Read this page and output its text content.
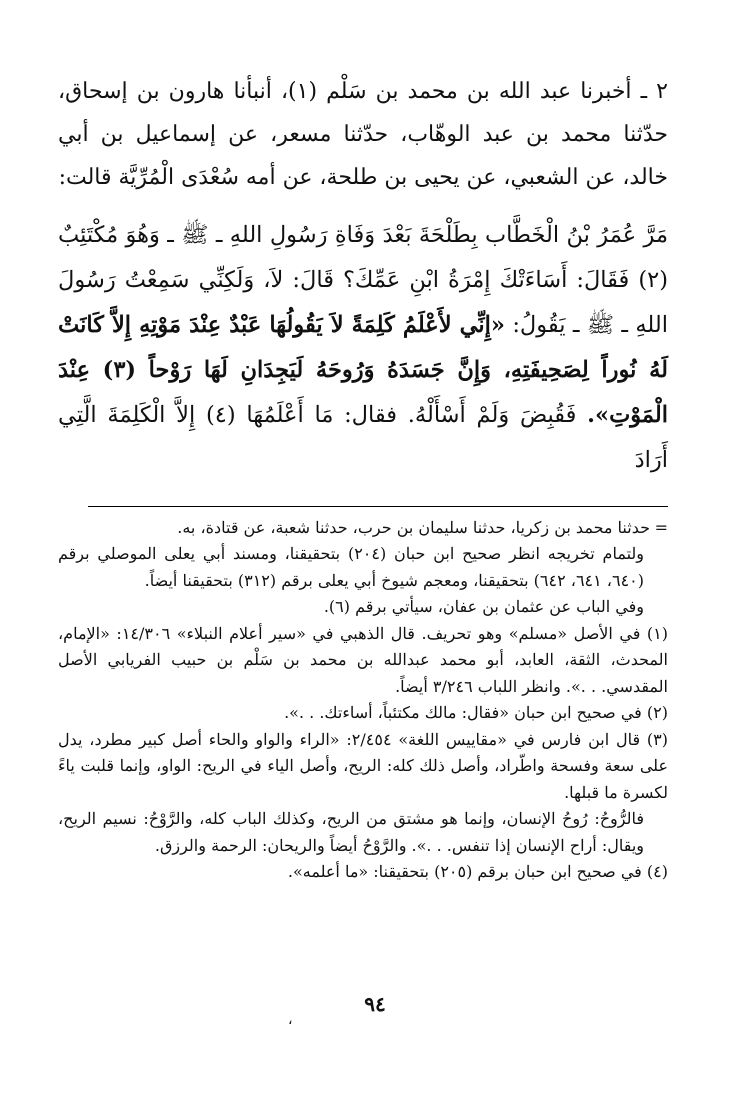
٢ ـ أخبرنا عبد الله بن محمد بن سَلْم (١)، أنبأنا هارون بن إسحاق، حدّثنا محمد بن عبد الوهّاب، حدّثنا مسعر، عن إسماعيل بن أبي خالد، عن الشعبي، عن يحيى بن طلحة، عن أمه سُعْدَى الْمُرِّيَّة قالت:

مَرَّ عُمَرُ بْنُ الْخَطَّاب بِطَلْحَةَ بَعْدَ وَفَاةِ رَسُولِ اللهِ ـ ﷺ ـ وَهُوَ مُكْتَئِبٌ (٢) فَقَالَ: أَسَاءَتْكَ إِمْرَةُ ابْنِ عَمِّكَ؟ قَالَ: لاَ، وَلَكِنِّي سَمِعْتُ رَسُولَ اللهِ ـ ﷺ ـ يَقُولُ: «إِنِّي لأَعْلَمُ كَلِمَةً لاَ يَقُولُهَا عَبْدٌ عِنْدَ مَوْتِهِ إِلاَّ كَانَتْ لَهُ نُوراً لِصَحِيفَتِهِ، وَإِنَّ جَسَدَهُ وَرُوحَهُ لَيَجِدَانِ لَهَا رَوْحاً (٣) عِنْدَ الْمَوْتِ». فَقُبِضَ وَلَمْ أَسْأَلْهُ. فقال: مَا أَعْلَمُهَا (٤) إِلاَّ الْكَلِمَةَ الَّتِي أَرَادَ

=حدثنا محمد بن زكريا، حدثنا سليمان بن حرب، حدثنا شعبة، عن قتادة، به.

ولتمام تخريجه انظر صحيح ابن حبان (٢٠٤) بتحقيقنا، ومسند أبي يعلى الموصلي برقم (٦٤٠، ٦٤١، ٦٤٢) بتحقيقنا، ومعجم شيوخ أبي يعلى برقم (٣١٢) بتحقيقنا أيضاً.

وفي الباب عن عثمان بن عفان، سيأتي برقم (٦).

(١) في الأصل «مسلم» وهو تحريف. قال الذهبي في «سير أعلام النبلاء» ١٤/٣٠٦: «الإمام، المحدث، الثقة، العابد، أبو محمد عبدالله بن محمد بن سَلْم بن حبيب الفريابي الأصل المقدسي. . .». وانظر اللباب ٣/٢٤٦ أيضاً.

(٢) في صحيح ابن حبان «فقال: مالك مكتئباً، أساءتك. . .».

(٣) قال ابن فارس في «مقاييس اللغة» ٢/٤٥٤: «الراء والواو والحاء أصل كبير مطرد، يدل على سعة وفسحة واطّراد، وأصل ذلك كله: الريح، وأصل الياء في الريح: الواو، وإنما قلبت ياءً لكسرة ما قبلها.

فالرُّوحُ: رُوحُ الإنسان، وإنما هو مشتق من الريح، وكذلك الباب كله، والرَّوْحُ: نسيم الريح، ويقال: أراح الإنسان إذا تنفس. . .». والرَّوْحُ أيضاً والريحان: الرحمة والرزق.

(٤) في صحيح ابن حبان برقم (٢٠٥) بتحقيقنا: «ما أعلمه».

٩٤
،
